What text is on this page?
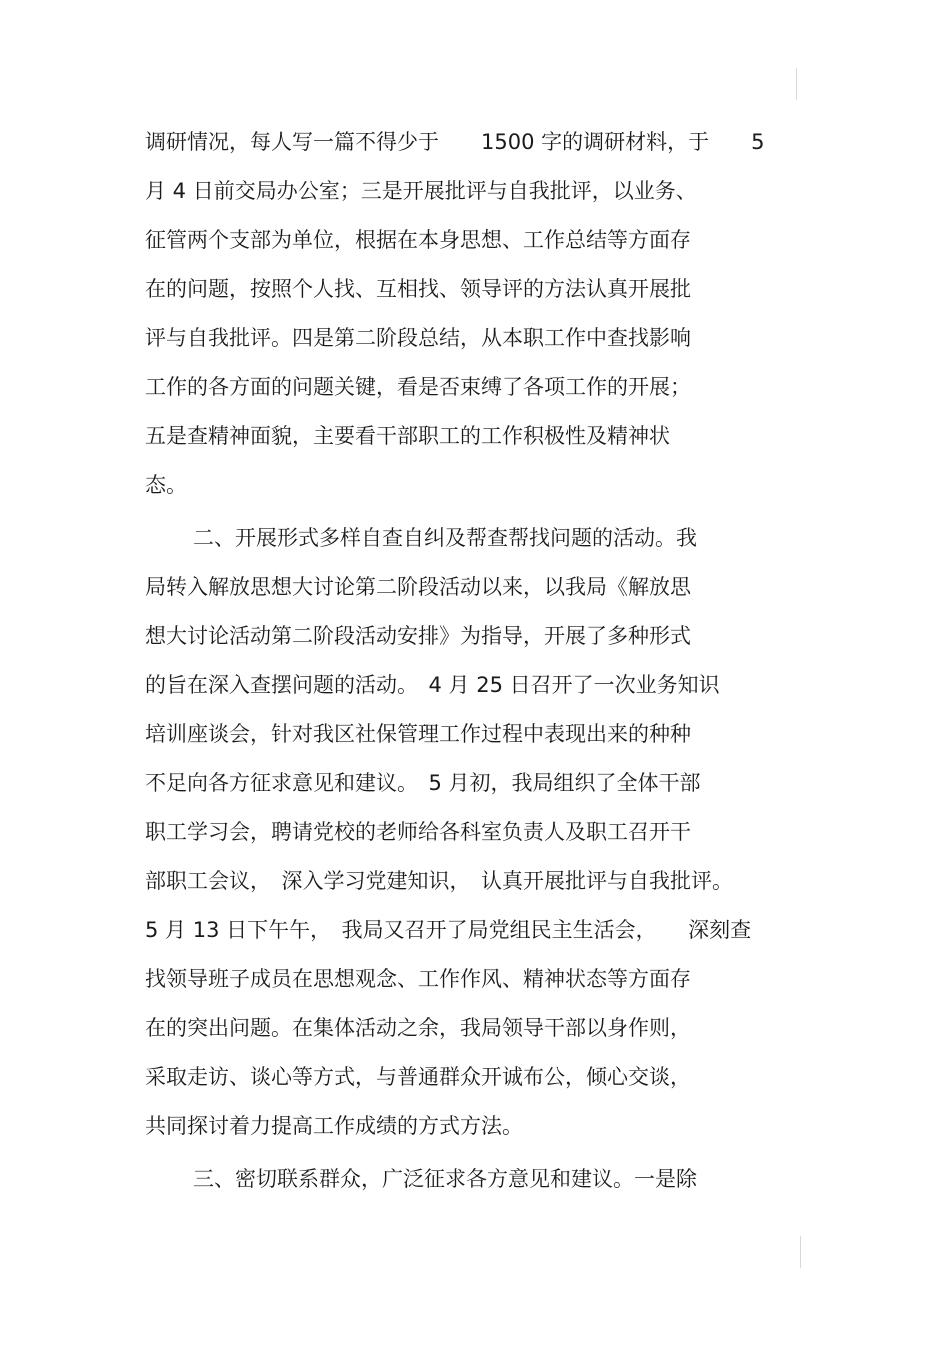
调研情况，每人写一篇不得少于　　1500 字的调研材料，于　　5
月 4 日前交局办公室；三是开展批评与自我批评，以业务、
征管两个支部为单位，根据在本身思想、工作总结等方面存
在的问题，按照个人找、互相找、领导评的方法认真开展批
评与自我批评。四是第二阶段总结，从本职工作中查找影响
工作的各方面的问题关键，看是否束缚了各项工作的开展；
五是查精神面貌，主要看干部职工的工作积极性及精神状
态。
二、开展形式多样自查自纠及帮查帮找问题的活动。我
局转入解放思想大讨论第二阶段活动以来，以我局《解放思
想大讨论活动第二阶段活动安排》为指导，开展了多种形式
的旨在深入查摆问题的活动。　4 月 25 日召开了一次业务知识
培训座谈会，针对我区社保管理工作过程中表现出来的种种
不足向各方征求意见和建议。　5 月初，我局组织了全体干部
职工学习会，聘请党校的老师给各科室负责人及职工召开干
部职工会议，　深入学习党建知识，　认真开展批评与自我批评。
5 月 13 日下午午，　我局又召开了局党组民主生活会，　　深刻查
找领导班子成员在思想观念、工作作风、精神状态等方面存
在的突出问题。在集体活动之余，我局领导干部以身作则，
采取走访、谈心等方式，与普通群众开诚布公，倾心交谈，
共同探讨着力提高工作成绩的方式方法。
三、密切联系群众，广泛征求各方意见和建议。一是除
